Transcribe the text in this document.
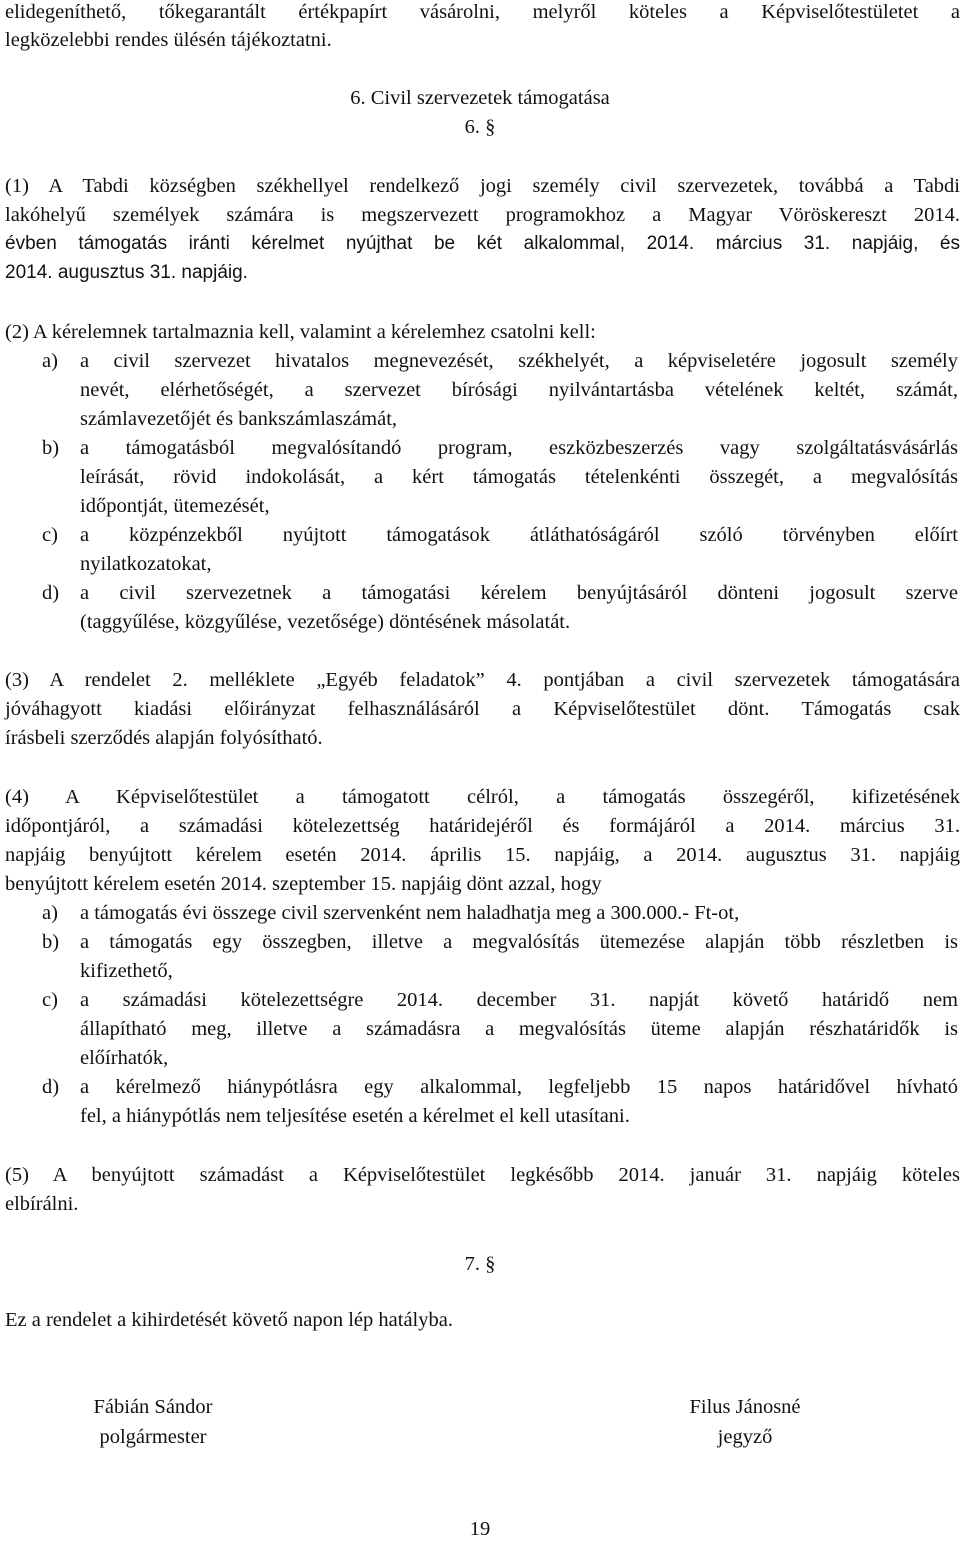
elidegeníthető, tőkegarantált értékpapírt vásárolni, melyről köteles a Képviselőtestületet a

legközelebbi rendes ülésén tájékoztatni.

6. Civil szervezetek támogatása

6. §

(1) A Tabdi községben székhellyel rendelkező jogi személy civil szervezetek, továbbá a Tabdi

lakóhelyű személyek számára is megszervezett programokhoz a Magyar Vöröskereszt 2014.

évben támogatás iránti kérelmet nyújthat be két alkalommal, 2014. március 31. napjáig, és

2014. augusztus 31. napjáig.

(2) A kérelemnek tartalmaznia kell, valamint a kérelemhez csatolni kell:

a) a civil szervezet hivatalos megnevezését, székhelyét, a képviseletére jogosult személy

nevét, elérhetőségét, a szervezet bírósági nyilvántartásba vételének keltét, számát,

számlavezetőjét és bankszámlaszámát,

b) a támogatásból megvalósítandó program, eszközbeszerzés vagy szolgáltatásvásárlás

leírását, rövid indokolását, a kért támogatás tételenkénti összegét, a megvalósítás

időpontját, ütemezését,

c) a közpénzekből nyújtott támogatások átláthatóságáról szóló törvényben előírt

nyilatkozatokat,

d) a civil szervezetnek a támogatási kérelem benyújtásáról dönteni jogosult szerve

(taggyűlése, közgyűlése, vezetősége) döntésének másolatát.

(3) A rendelet 2. melléklete „Egyéb feladatok” 4. pontjában a civil szervezetek támogatására

jóváhagyott kiadási előirányzat felhasználásáról a Képviselőtestület dönt. Támogatás csak

írásbeli szerződés alapján folyósítható.

(4) A Képviselőtestület a támogatott célról, a támogatás összegéről, kifizetésének

időpontjáról, a számadási kötelezettség határidejéről és formájáról a 2014. március 31.

napjáig benyújtott kérelem esetén 2014. április 15. napjáig, a 2014. augusztus 31. napjáig

benyújtott kérelem esetén 2014. szeptember 15. napjáig dönt azzal, hogy

a) a támogatás évi összege civil szervenként nem haladhatja meg a 300.000.- Ft-ot,

b) a támogatás egy összegben, illetve a megvalósítás ütemezése alapján több részletben is

kifizethető,

c) a számadási kötelezettségre 2014. december 31. napját követő határidő nem

állapítható meg, illetve a számadásra a megvalósítás üteme alapján részhatáridők is

előírhatók,

d) a kérelmező hiánypótlásra egy alkalommal, legfeljebb 15 napos határidővel hívható

fel, a hiánypótlás nem teljesítése esetén a kérelmet el kell utasítani.

(5) A benyújtott számadást a Képviselőtestület legkésőbb 2014. január 31. napjáig köteles

elbírálni.

7. §

Ez a rendelet a kihirdetését követő napon lép hatályba.

Fábián Sándor

polgármester

Filus Jánosné

jegyző

19
